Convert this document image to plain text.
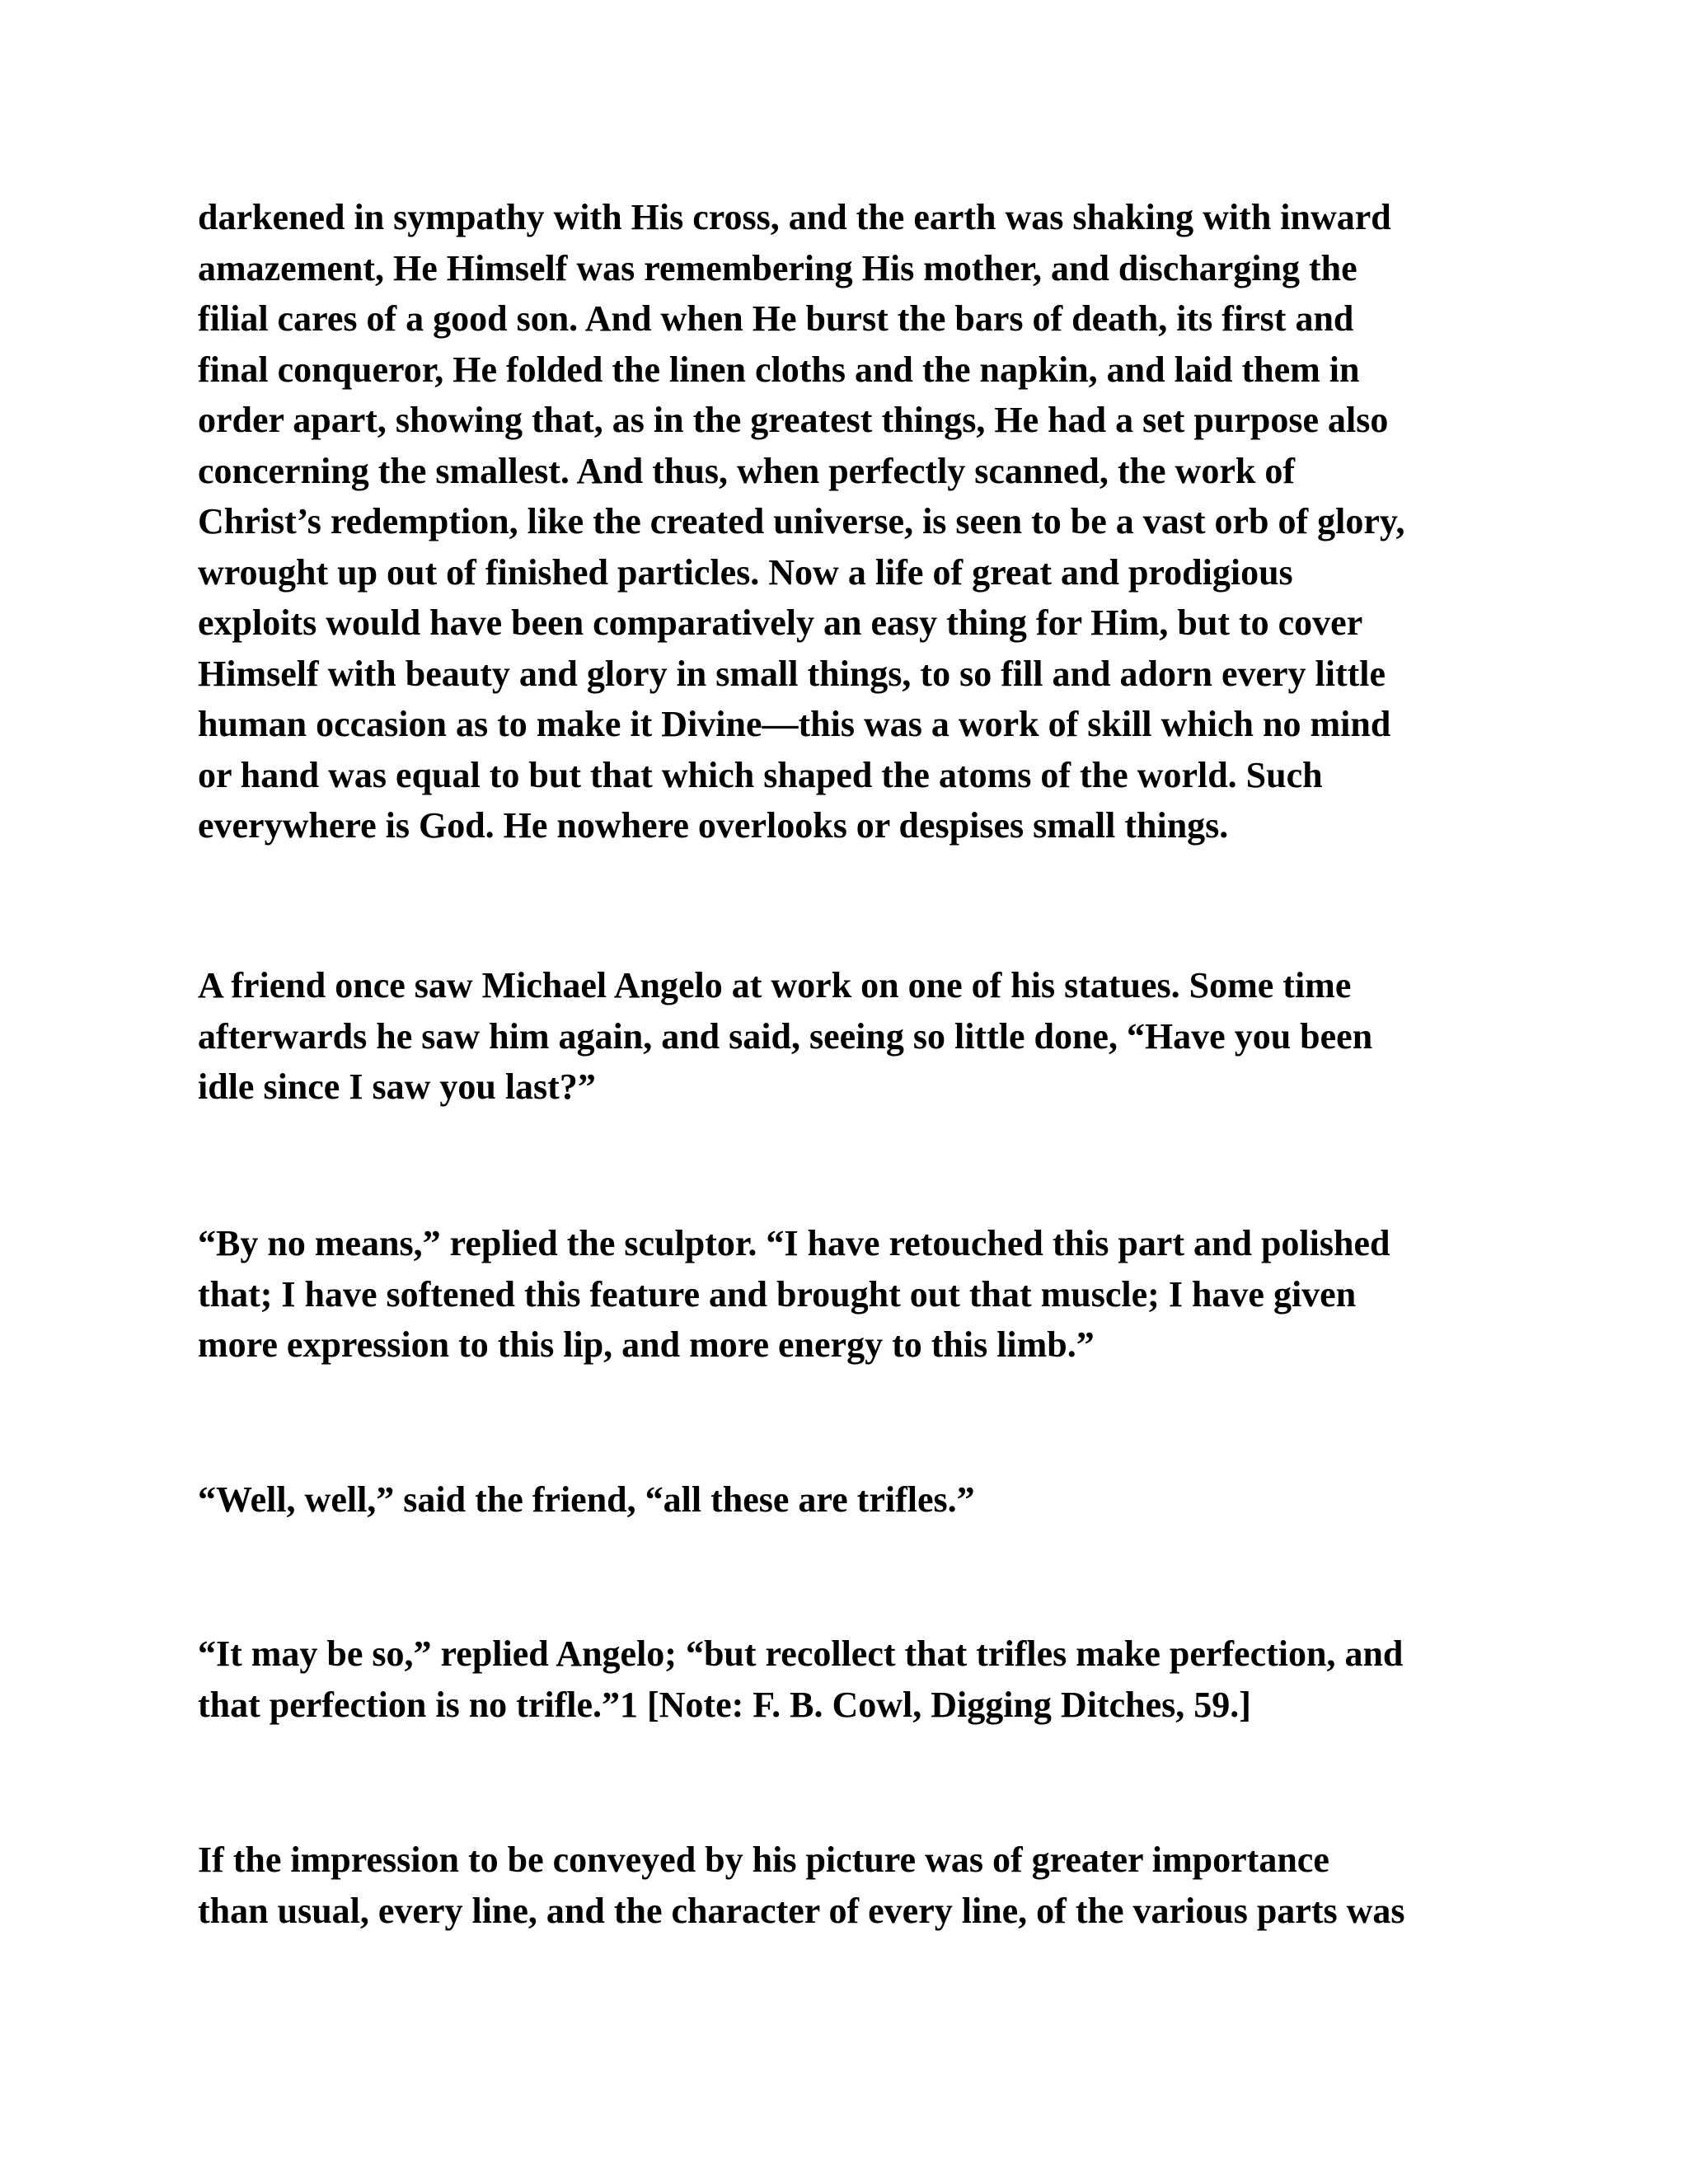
darkened in sympathy with His cross, and the earth was shaking with inward
amazement, He Himself was remembering His mother, and discharging the
filial cares of a good son. And when He burst the bars of death, its first and
final conqueror, He folded the linen cloths and the napkin, and laid them in
order apart, showing that, as in the greatest things, He had a set purpose also
concerning the smallest. And thus, when perfectly scanned, the work of
Christ’s redemption, like the created universe, is seen to be a vast orb of glory,
wrought up out of finished particles. Now a life of great and prodigious
exploits would have been comparatively an easy thing for Him, but to cover
Himself with beauty and glory in small things, to so fill and adorn every little
human occasion as to make it Divine—this was a work of skill which no mind
or hand was equal to but that which shaped the atoms of the world. Such
everywhere is God. He nowhere overlooks or despises small things.
A friend once saw Michael Angelo at work on one of his statues. Some time
afterwards he saw him again, and said, seeing so little done, “Have you been
idle since I saw you last?”
“By no means,” replied the sculptor. “I have retouched this part and polished
that; I have softened this feature and brought out that muscle; I have given
more expression to this lip, and more energy to this limb.”
“Well, well,” said the friend, “all these are trifles.”
“It may be so,” replied Angelo; “but recollect that trifles make perfection, and
that perfection is no trifle.”1 [Note: F. B. Cowl, Digging Ditches, 59.]
If the impression to be conveyed by his picture was of greater importance
than usual, every line, and the character of every line, of the various parts was
